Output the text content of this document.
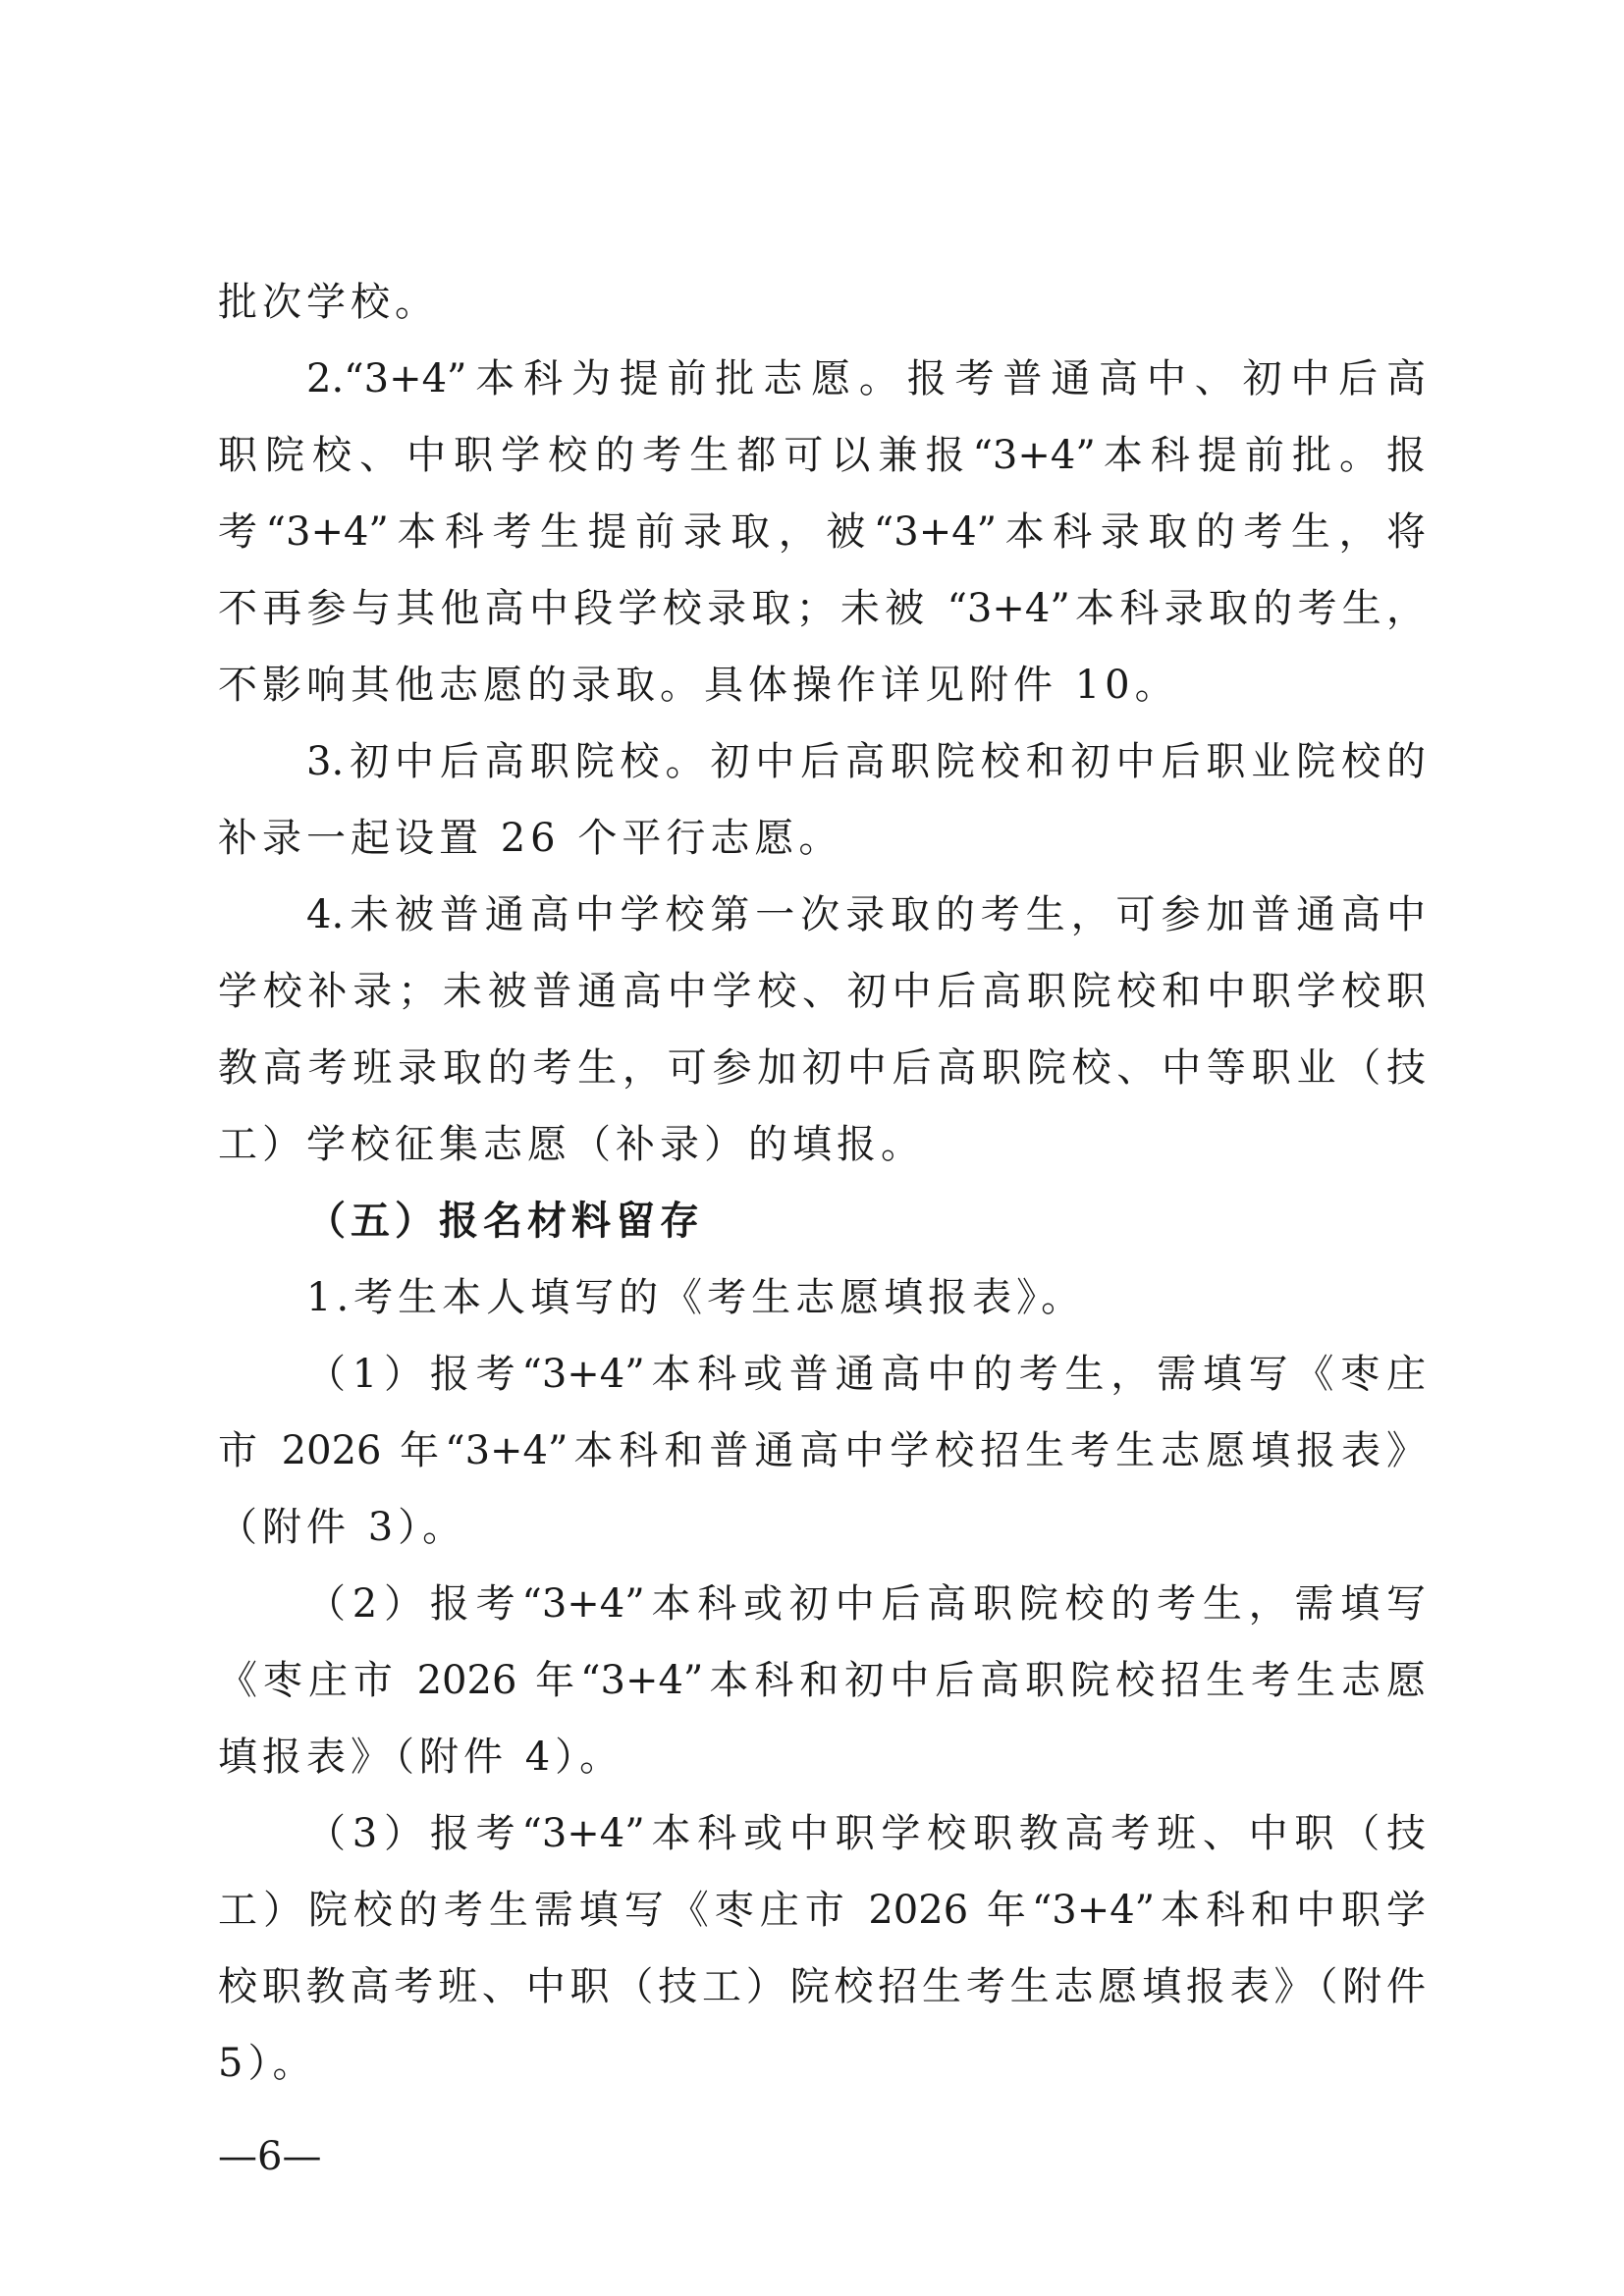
批次学校。
2.“3+4”本科为提前批志愿。报考普通高中、初中后高
职院校、中职学校的考生都可以兼报“3+4”本科提前批。报
考“3+4”本科考生提前录取，被“3+4”本科录取的考生，将
不再参与其他高中段学校录取；未被 “3+4”本科录取的考生，
不影响其他志愿的录取。具体操作详见附件 10。
3.初中后高职院校。初中后高职院校和初中后职业院校的
补录一起设置 26 个平行志愿。
4.未被普通高中学校第一次录取的考生，可参加普通高中
学校补录；未被普通高中学校、初中后高职院校和中职学校职
教高考班录取的考生，可参加初中后高职院校、中等职业（技
工）学校征集志愿（补录）的填报。
（五）报名材料留存
1.考生本人填写的《考生志愿填报表》。
（1）报考“3+4”本科或普通高中的考生，需填写《枣庄
市 2026 年“3+4”本科和普通高中学校招生考生志愿填报表》
（附件 3）。
（2）报考“3+4”本科或初中后高职院校的考生，需填写
《枣庄市 2026 年“3+4”本科和初中后高职院校招生考生志愿
填报表》（附件 4）。
（3）报考“3+4”本科或中职学校职教高考班、中职（技
工）院校的考生需填写《枣庄市 2026 年“3+4”本科和中职学
校职教高考班、中职（技工）院校招生考生志愿填报表》（附件
5）。
—6—
